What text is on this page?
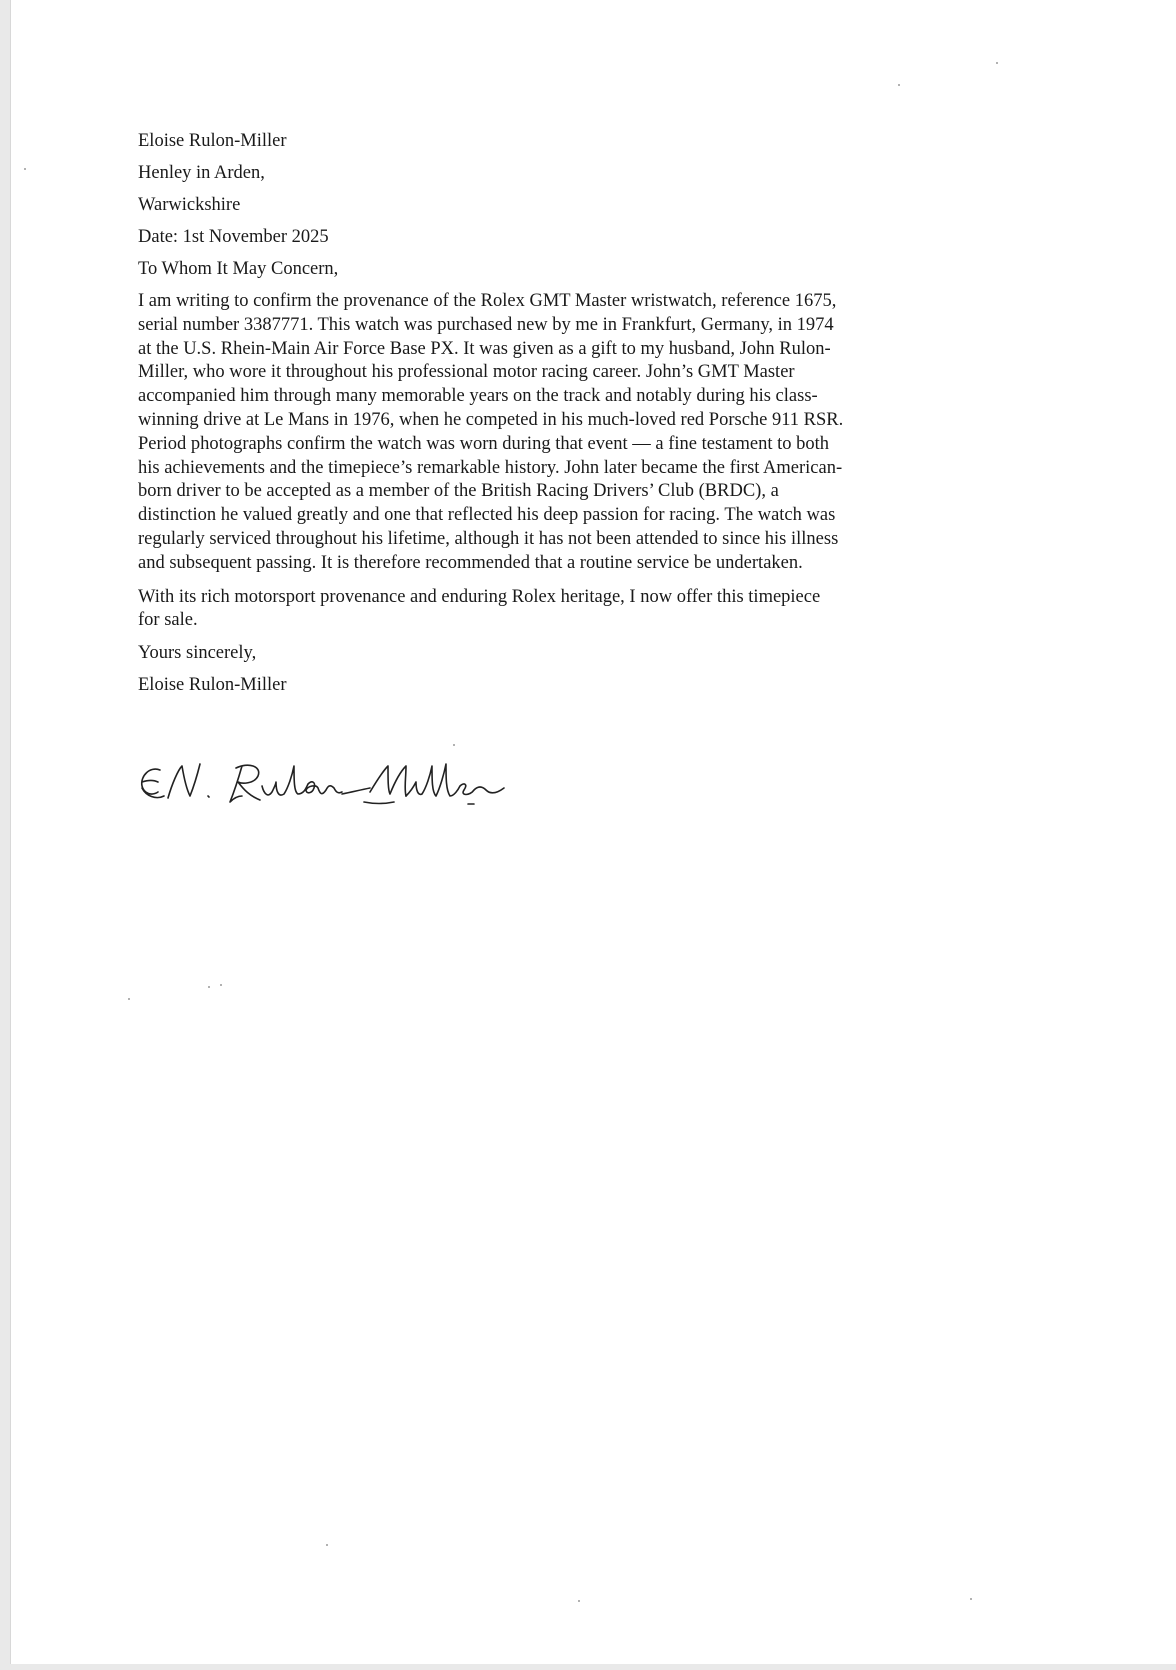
Eloise Rulon-Miller
Henley in Arden,
Warwickshire
Date: 1st November 2025
To Whom It May Concern,

I am writing to confirm the provenance of the Rolex GMT Master wristwatch, reference 1675, serial number 3387771. This watch was purchased new by me in Frankfurt, Germany, in 1974 at the U.S. Rhein-Main Air Force Base PX. It was given as a gift to my husband, John Rulon-Miller, who wore it throughout his professional motor racing career. John’s GMT Master accompanied him through many memorable years on the track and notably during his class-winning drive at Le Mans in 1976, when he competed in his much-loved red Porsche 911 RSR. Period photographs confirm the watch was worn during that event — a fine testament to both his achievements and the timepiece’s remarkable history. John later became the first American-born driver to be accepted as a member of the British Racing Drivers’ Club (BRDC), a distinction he valued greatly and one that reflected his deep passion for racing. The watch was regularly serviced throughout his lifetime, although it has not been attended to since his illness and subsequent passing. It is therefore recommended that a routine service be undertaken.

With its rich motorsport provenance and enduring Rolex heritage, I now offer this timepiece for sale.

Yours sincerely,
Eloise Rulon-Miller
